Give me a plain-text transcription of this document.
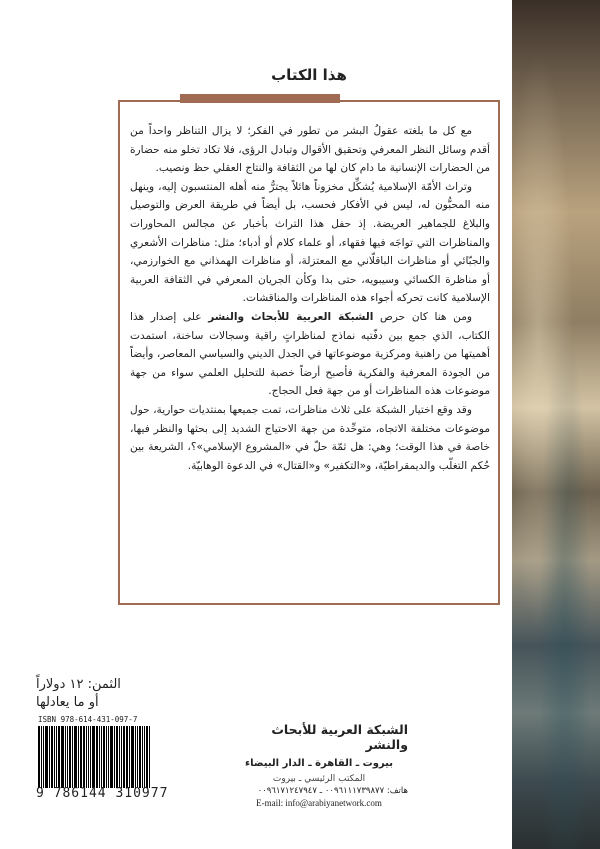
هذا الكتاب

مع كل ما بلغته عقولُ البشر من تطور في الفكر؛ لا يزال التناظر واحداً من أقدم وسائل النظر المعرفي وتحقيق الأقوال وتبادل الرؤى، فلا تكاد تخلو منه حضارة من الحضارات الإنسانية ما دام كان لها من الثقافة والنتاج العقلي حظ ونصيب.

وتراث الأمّة الإسلامية يُشكِّل مخزوناً هائلاً يجترُّ منه أهله المنتسبون إليه، وينهل منه المحبُّون له، ليس في الأفكار فحسب، بل أيضاً في طريقة العرض والتوصيل والبلاغ للجماهير العريضة. إذ حفل هذا التراث بأخبار عن مجالس المحاورات والمناظرات التي تواجَه فيها فقهاء، أو علماء كلام أو أدباء؛ مثل: مناظرات الأشعري والجبّائي أو مناظرات الباقلّاني مع المعتزلة، أو مناظرات الهمذاني مع الخوارزمي، أو مناظرة الكسائي وسيبويه، حتى بدا وكأن الجريان المعرفي في الثقافة العربية الإسلامية كانت تحركه أجواء هذه المناظرات والمناقشات.

ومن هنا كان حرص الشبكة العربية للأبحاث والنشر على إصدار هذا الكتاب، الذي جمع بين دفّتيه نماذج لمناظراتٍ راقية وسجالات ساخنة، استمدت أهميتها من راهنية ومركزية موضوعاتها في الجدل الديني والسياسي المعاصر، وأيضاً من الجودة المعرفية والفكرية فأصبح أرضاً خصبة للتحليل العلمي سواء من جهة موضوعات هذه المناظرات أو من جهة فعل الحجاج.

وقد وقع اختيار الشبكة على ثلاث مناظرات، تمت جميعها بمنتديات حوارية، حول موضوعات مختلفة الاتجاه، متوحِّدة من جهة الاحتياج الشديد إلى بحثها والنظر فيها، خاصة في هذا الوقت؛ وهي: هل ثمّة حلّ في «المشروع الإسلامي»؟، الشريعة بين حُكم التغلّب والديمقراطيّة، و«التكفير» و«القتال» في الدعوة الوهابيّة.

الثمن: ١٢ دولاراً
أو ما يعادلها
ISBN 978-614-431-097-7
9 786144 310977
الشبكة العربية للأبحاث والنشر
بيروت ـ القاهرة ـ الدار البيضاء
المكتب الرئيسي ـ بيروت
هاتف: ٠٠٩٦١١١٧٣٩٨٧٧ ـ ٠٠٩٦١٧١٢٤٧٩٤٧
E-mail: info@arabiyanetwork.com
